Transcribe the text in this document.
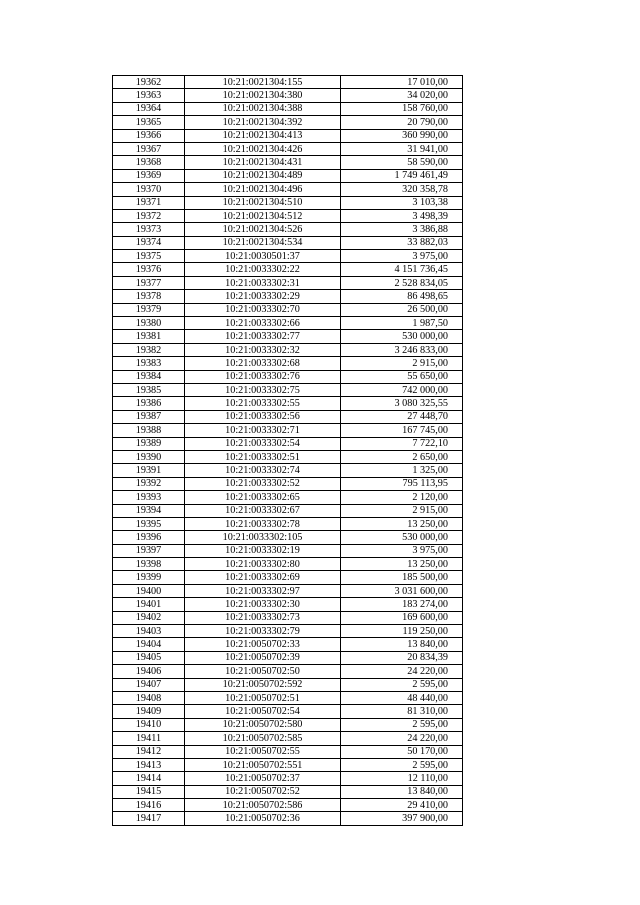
19362	10:21:0021304:155	17 010,00
19363	10:21:0021304:380	34 020,00
19364	10:21:0021304:388	158 760,00
19365	10:21:0021304:392	20 790,00
19366	10:21:0021304:413	360 990,00
19367	10:21:0021304:426	31 941,00
19368	10:21:0021304:431	58 590,00
19369	10:21:0021304:489	1 749 461,49
19370	10:21:0021304:496	320 358,78
19371	10:21:0021304:510	3 103,38
19372	10:21:0021304:512	3 498,39
19373	10:21:0021304:526	3 386,88
19374	10:21:0021304:534	33 882,03
19375	10:21:0030501:37	3 975,00
19376	10:21:0033302:22	4 151 736,45
19377	10:21:0033302:31	2 528 834,05
19378	10:21:0033302:29	86 498,65
19379	10:21:0033302:70	26 500,00
19380	10:21:0033302:66	1 987,50
19381	10:21:0033302:77	530 000,00
19382	10:21:0033302:32	3 246 833,00
19383	10:21:0033302:68	2 915,00
19384	10:21:0033302:76	55 650,00
19385	10:21:0033302:75	742 000,00
19386	10:21:0033302:55	3 080 325,55
19387	10:21:0033302:56	27 448,70
19388	10:21:0033302:71	167 745,00
19389	10:21:0033302:54	7 722,10
19390	10:21:0033302:51	2 650,00
19391	10:21:0033302:74	1 325,00
19392	10:21:0033302:52	795 113,95
19393	10:21:0033302:65	2 120,00
19394	10:21:0033302:67	2 915,00
19395	10:21:0033302:78	13 250,00
19396	10:21:0033302:105	530 000,00
19397	10:21:0033302:19	3 975,00
19398	10:21:0033302:80	13 250,00
19399	10:21:0033302:69	185 500,00
19400	10:21:0033302:97	3 031 600,00
19401	10:21:0033302:30	183 274,00
19402	10:21:0033302:73	169 600,00
19403	10:21:0033302:79	119 250,00
19404	10:21:0050702:33	13 840,00
19405	10:21:0050702:39	20 834,39
19406	10:21:0050702:50	24 220,00
19407	10:21:0050702:592	2 595,00
19408	10:21:0050702:51	48 440,00
19409	10:21:0050702:54	81 310,00
19410	10:21:0050702:580	2 595,00
19411	10:21:0050702:585	24 220,00
19412	10:21:0050702:55	50 170,00
19413	10:21:0050702:551	2 595,00
19414	10:21:0050702:37	12 110,00
19415	10:21:0050702:52	13 840,00
19416	10:21:0050702:586	29 410,00
19417	10:21:0050702:36	397 900,00
